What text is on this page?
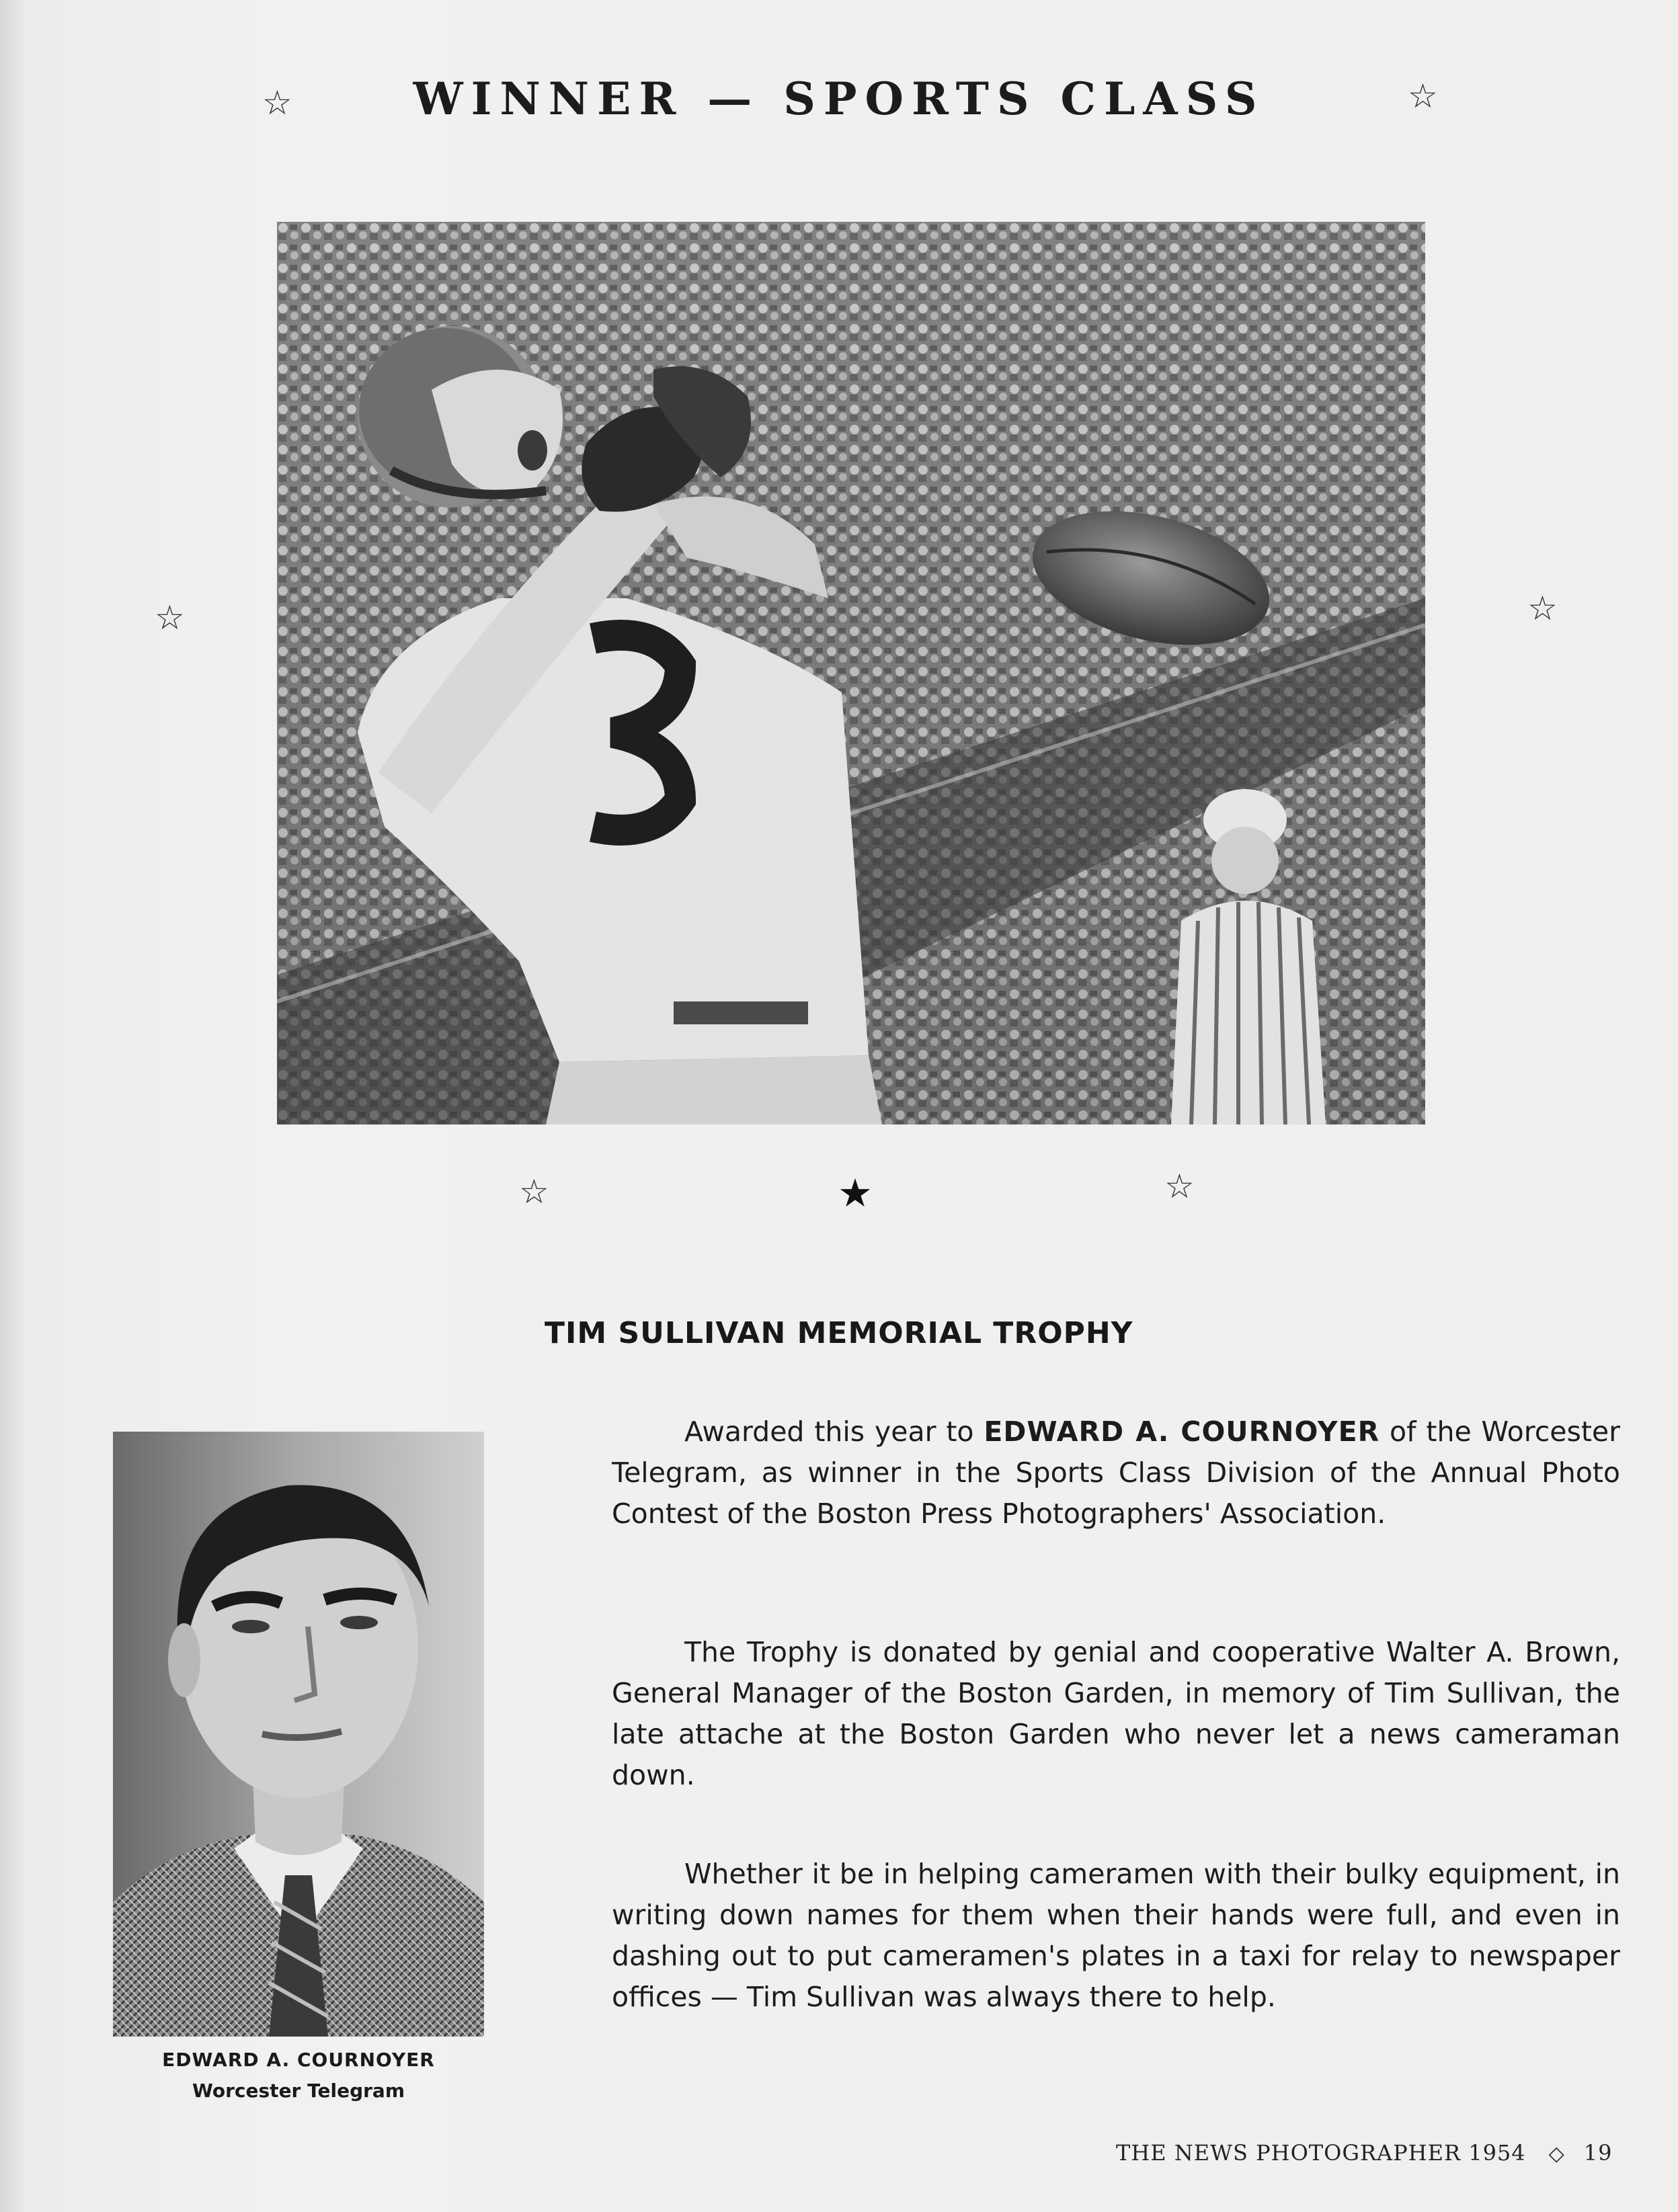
WINNER — SPORTS CLASS
☆	☆
☆	☆
☆	★	☆
TIM SULLIVAN MEMORIAL TROPHY
EDWARD A. COURNOYER
Worcester Telegram
Awarded this year to EDWARD A. COURNOYER of the Worcester Telegram, as winner in the Sports Class Division of the Annual Photo Contest of the Boston Press Photographers' Association.
The Trophy is donated by genial and cooperative Walter A. Brown, General Manager of the Boston Garden, in memory of Tim Sullivan, the late attache at the Boston Garden who never let a news cameraman down.
Whether it be in helping cameramen with their bulky equipment, in writing down names for them when their hands were full, and even in dashing out to put cameramen's plates in a taxi for relay to newspaper offices — Tim Sullivan was always there to help.
THE NEWS PHOTOGRAPHER 1954 ◇ 19
